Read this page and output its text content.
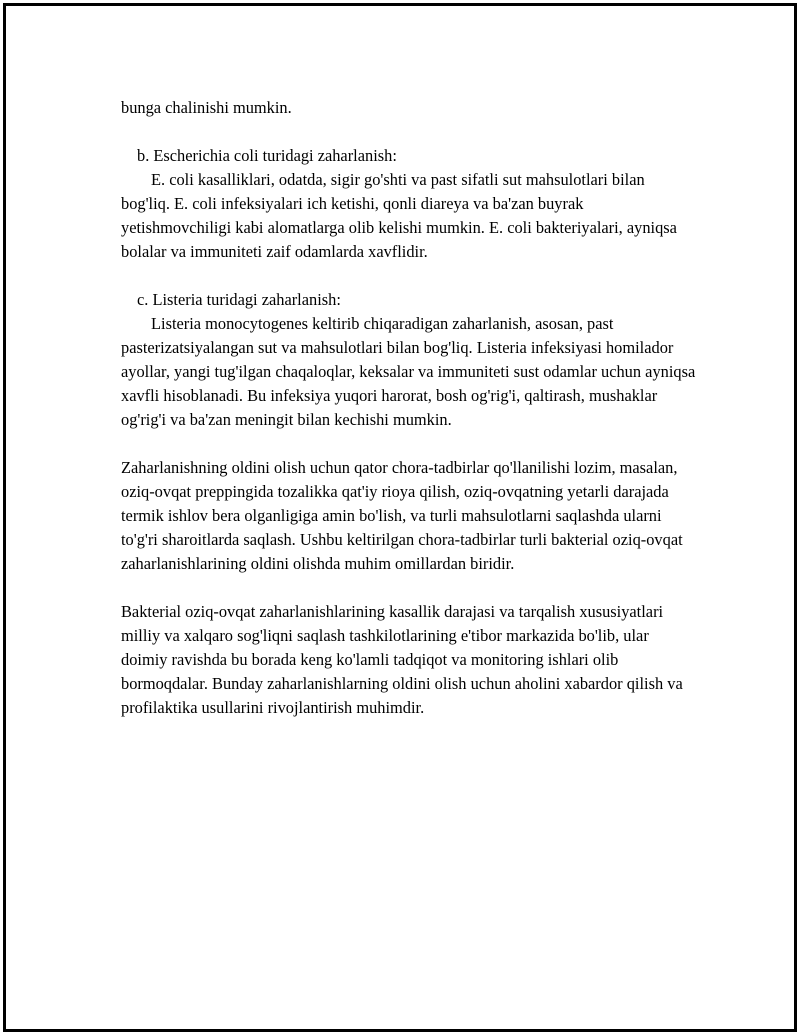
bunga chalinishi mumkin.

b. Escherichia coli turidagi zaharlanish:

E. coli kasalliklari, odatda, sigir go'shti va past sifatli sut mahsulotlari bilan bog'liq. E. coli infeksiyalari ich ketishi, qonli diareya va ba'zan buyrak yetishmovchiligi kabi alomatlarga olib kelishi mumkin. E. coli bakteriyalari, ayniqsa bolalar va immuniteti zaif odamlarda xavflidir.

c. Listeria turidagi zaharlanish:

Listeria monocytogenes keltirib chiqaradigan zaharlanish, asosan, past pasterizatsiyalangan sut va mahsulotlari bilan bog'liq. Listeria infeksiyasi homilador ayollar, yangi tug'ilgan chaqaloqlar, keksalar va immuniteti sust odamlar uchun ayniqsa xavfli hisoblanadi. Bu infeksiya yuqori harorat, bosh og'rig'i, qaltirash, mushaklar og'rig'i va ba'zan meningit bilan kechishi mumkin.

Zaharlanishning oldini olish uchun qator chora-tadbirlar qo'llanilishi lozim, masalan, oziq-ovqat preppingida tozalikka qat'iy rioya qilish, oziq-ovqatning yetarli darajada termik ishlov bera olganligiga amin bo'lish, va turli mahsulotlarni saqlashda ularni to'g'ri sharoitlarda saqlash. Ushbu keltirilgan chora-tadbirlar turli bakterial oziq-ovqat zaharlanishlarining oldini olishda muhim omillardan biridir.

Bakterial oziq-ovqat zaharlanishlarining kasallik darajasi va tarqalish xususiyatlari milliy va xalqaro sog'liqni saqlash tashkilotlarining e'tibor markazida bo'lib, ular doimiy ravishda bu borada keng ko'lamli tadqiqot va monitoring ishlari olib bormoqdalar. Bunday zaharlanishlarning oldini olish uchun aholini xabardor qilish va profilaktika usullarini rivojlantirish muhimdir.
